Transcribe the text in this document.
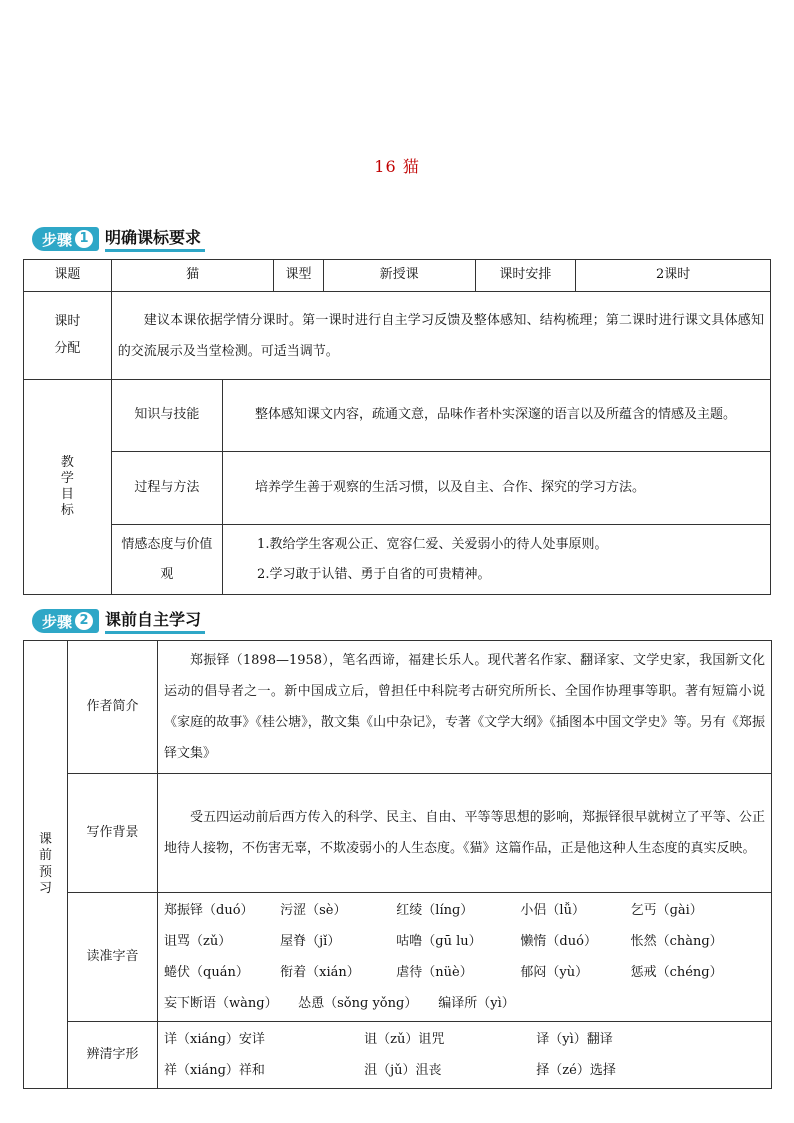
16 猫
步骤 1 明确课标要求
课题	猫		课型	新授课	课时安排	2课时

课时
分配	建议本课依据学情分课时。第一课时进行自主学习反馈及整体感知、结构梳理；第二课时进行课文具体感知的交流展示及当堂检测。可适当调节。					

教学目标	知识与技能	整体感知课文内容，疏通文意，品味作者朴实深邃的语言以及所蕴含的情感及主题。				
	过程与方法	培养学生善于观察的生活习惯，以及自主、合作、探究的学习方法。				
	情感态度与价值观	1.教给学生客观公正、宽容仁爱、关爱弱小的待人处事原则。
2.学习敢于认错、勇于自省的可贵精神。				
步骤 2 课前自主学习
课前预习	作者简介	郑振铎（1898—1958），笔名西谛，福建长乐人。现代著名作家、翻译家、文学史家，我国新文化运动的倡导者之一。新中国成立后，曾担任中科院考古研究所所长、全国作协理事等职。著有短篇小说《家庭的故事》《桂公塘》，散文集《山中杂记》，专著《文学大纲》《插图本中国文学史》等。另有《郑振铎文集》
	写作背景	受五四运动前后西方传入的科学、民主、自由、平等等思想的影响，郑振铎很早就树立了平等、公正地待人接物，不伤害无辜，不欺凌弱小的人生态度。《猫》这篇作品，正是他这种人生态度的真实反映。
	读准字音	郑振铎（duó） 污涩（sè） 红绫（línɡ） 小侣（lǚ） 乞丐（ɡài）
诅骂（zǔ） 屋脊（jǐ） 咕噜（ɡū lu） 懒惰（duó） 怅然（chànɡ）
蜷伏（quán） 衔着（xián） 虐待（nüè） 郁闷（yù） 惩戒（chénɡ）
妄下断语（wànɡ） 怂恿（sǒnɡ yǒnɡ） 编译所（yì）

	辨清字形	详（xiánɡ）安详 诅（zǔ）诅咒 译（yì）翻译
祥（xiánɡ）祥和 沮（jǔ）沮丧 择（zé）选择
